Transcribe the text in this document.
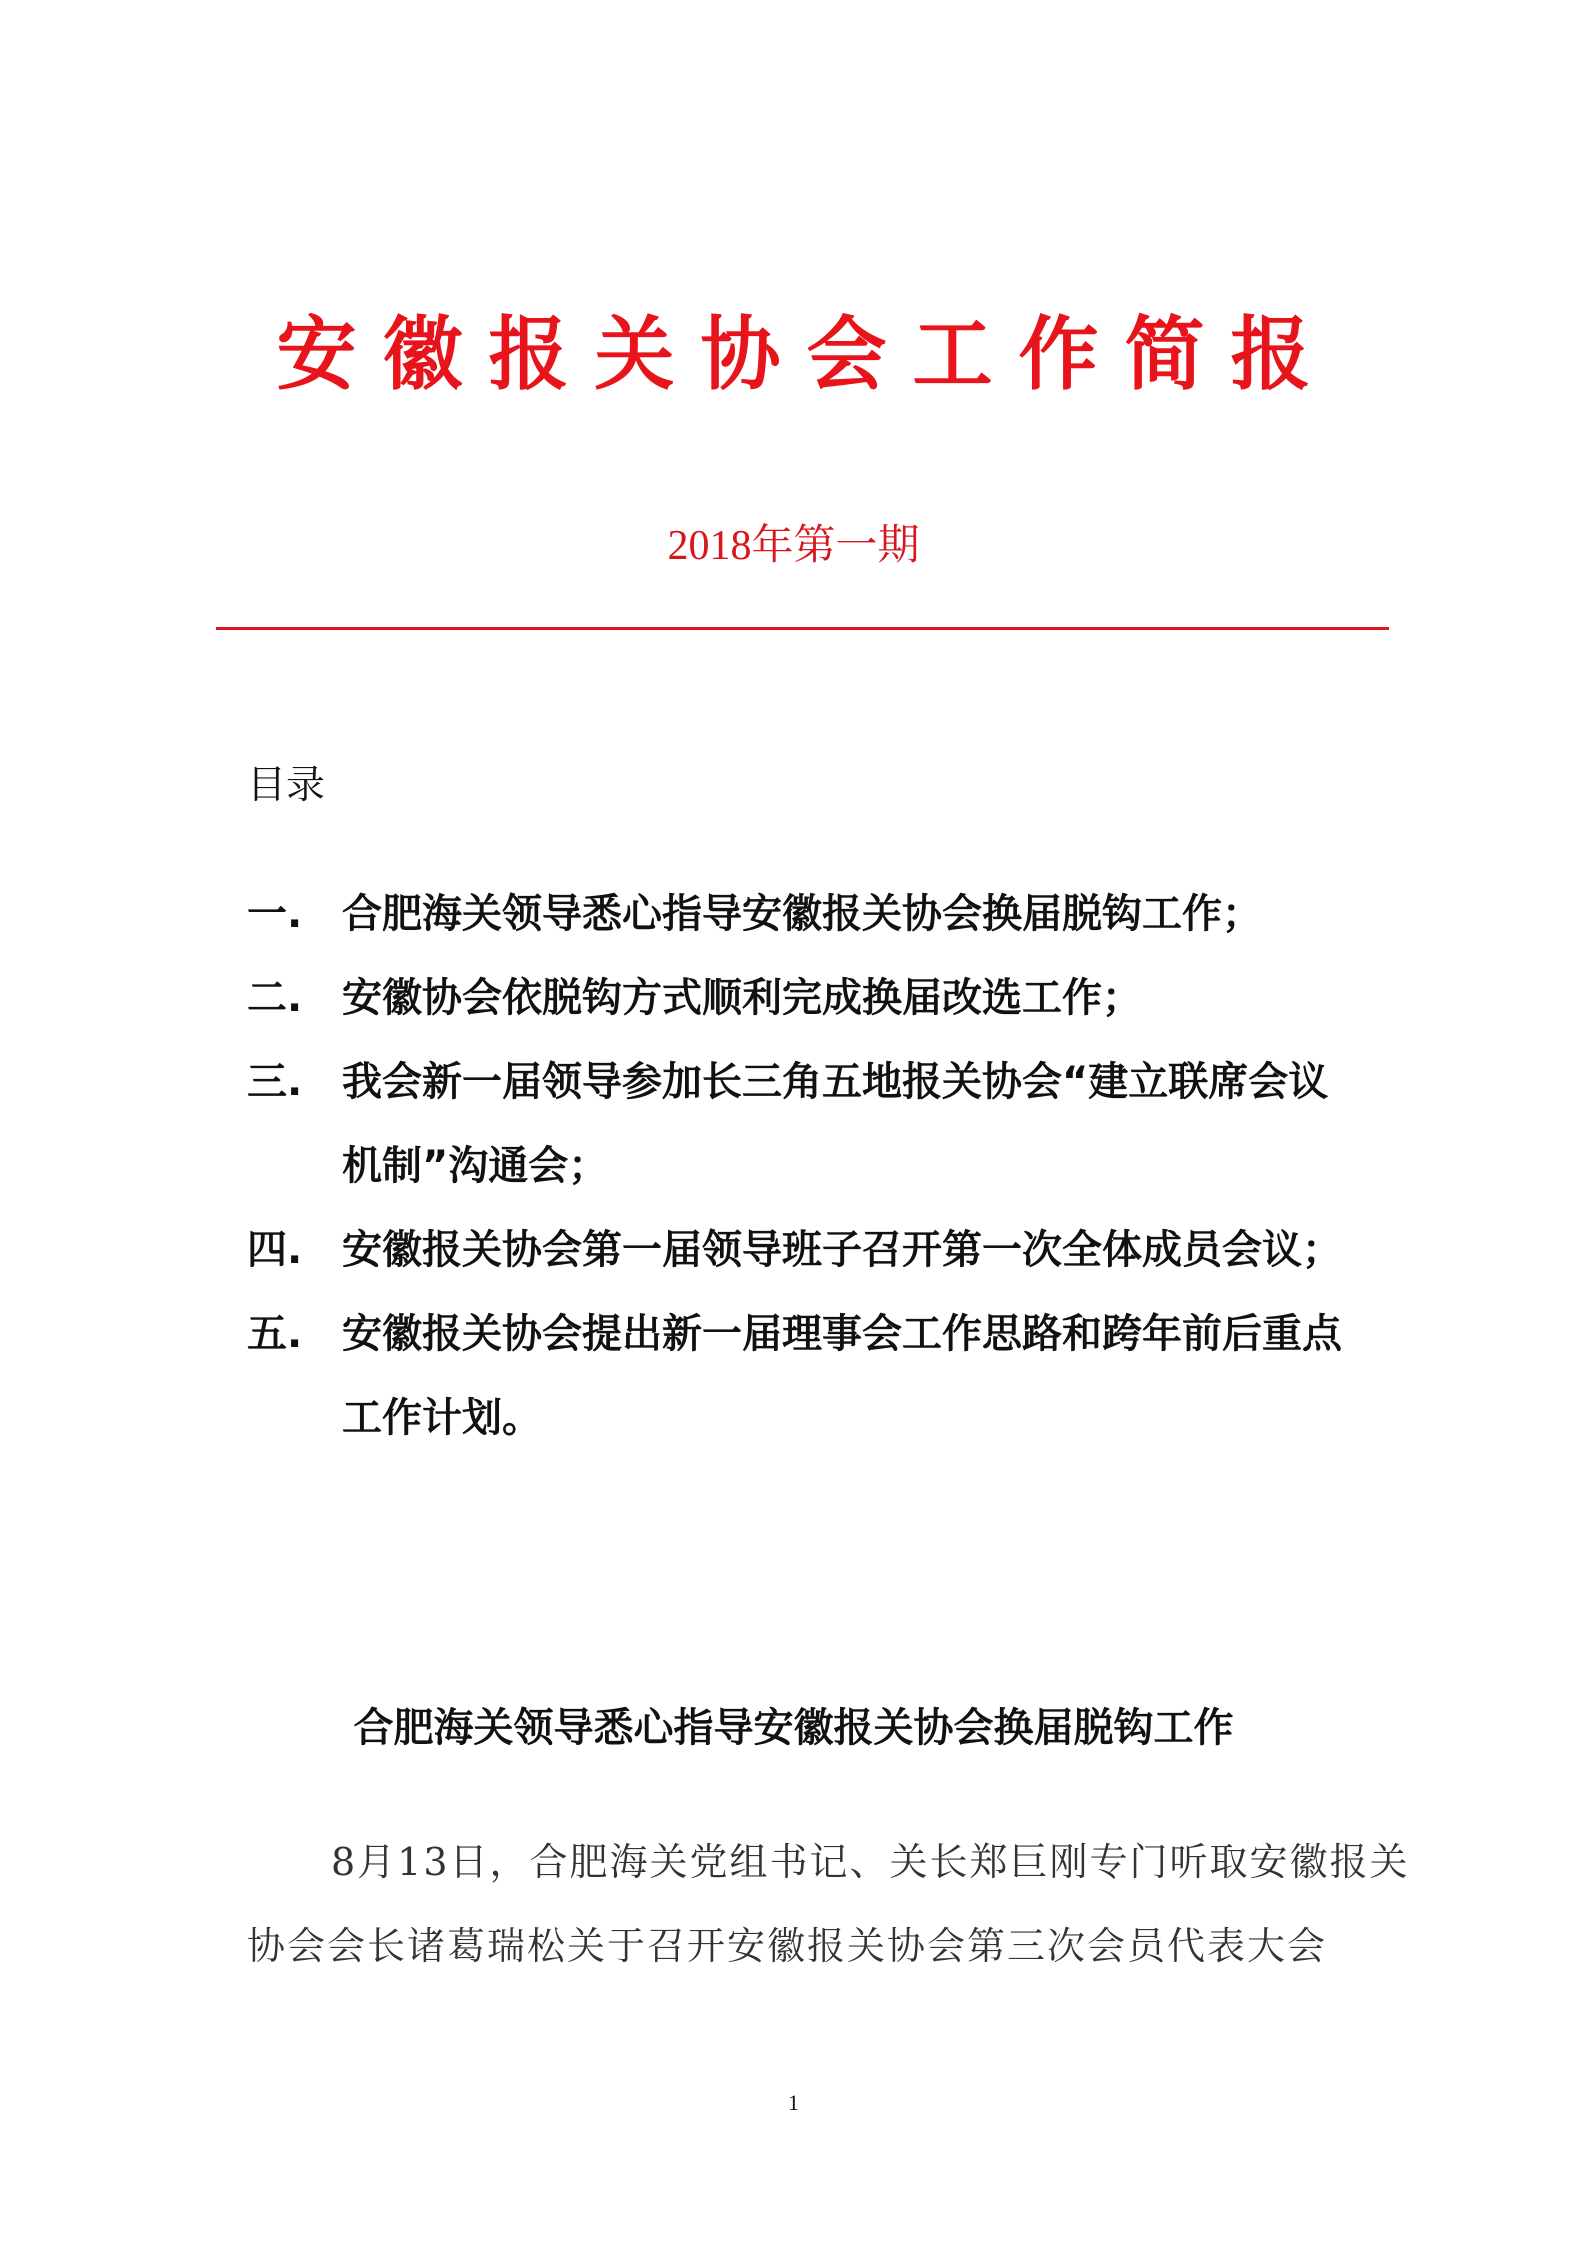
安徽报关协会工作简报
2018年第一期
目录
一. 合肥海关领导悉心指导安徽报关协会换届脱钩工作；
二. 安徽协会依脱钩方式顺利完成换届改选工作；
三. 我会新一届领导参加长三角五地报关协会“建立联席会议机制”沟通会；
四. 安徽报关协会第一届领导班子召开第一次全体成员会议；
五. 安徽报关协会提出新一届理事会工作思路和跨年前后重点工作计划。
合肥海关领导悉心指导安徽报关协会换届脱钩工作
8月13日，合肥海关党组书记、关长郑巨刚专门听取安徽报关协会会长诸葛瑞松关于召开安徽报关协会第三次会员代表大会
1
